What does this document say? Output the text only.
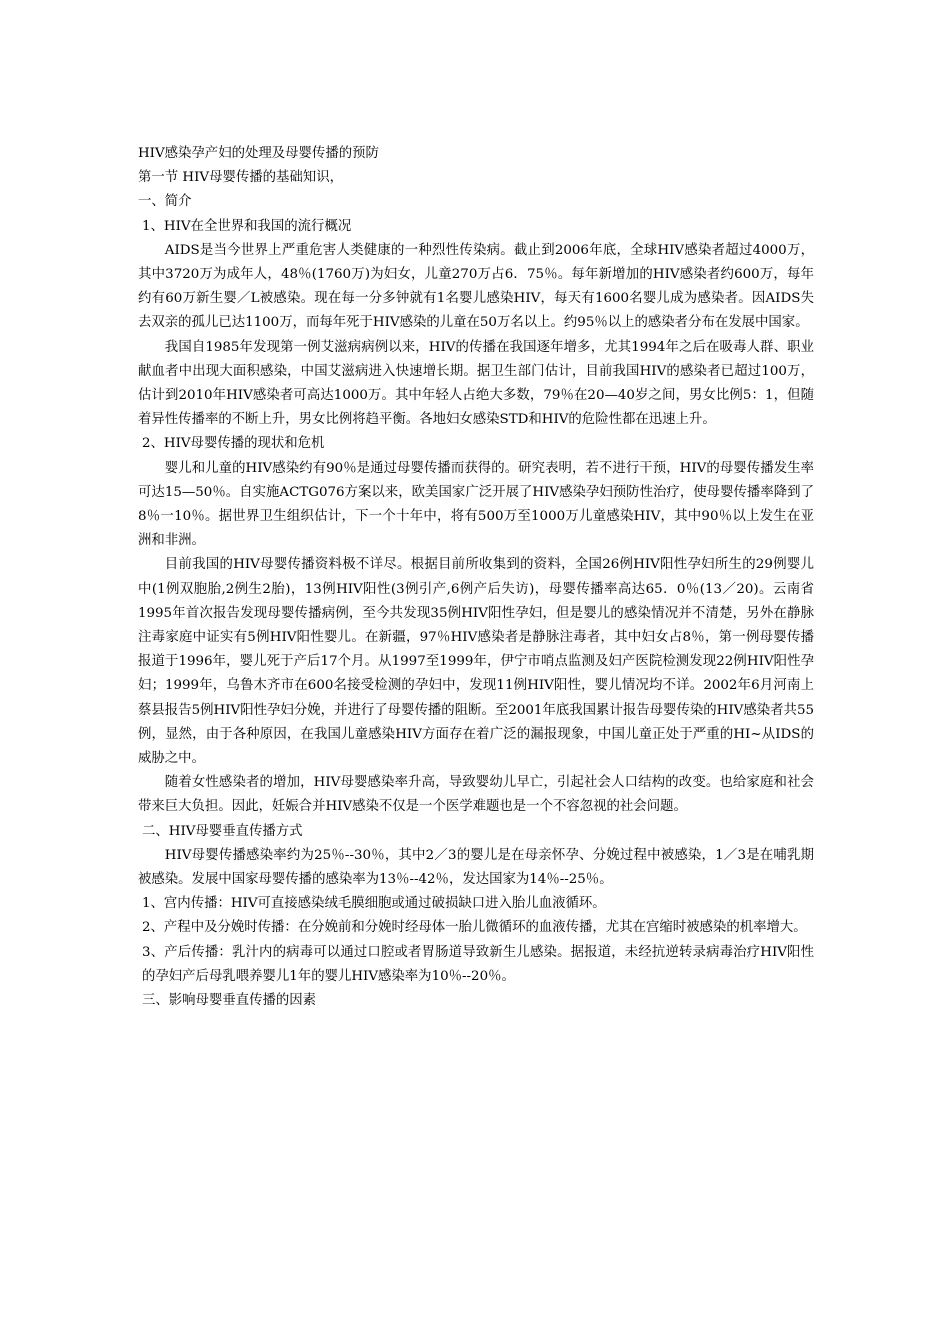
HIV感染孕产妇的处理及母婴传播的预防

第一节 HIV母婴传播的基础知识，

一、简介

1、HIV在全世界和我国的流行概况

AIDS是当今世界上严重危害人类健康的一种烈性传染病。截止到2006年底，全球HIV感染者超过4000万，其中3720万为成年人，48％(1760万)为妇女，儿童270万占6．75％。每年新增加的HIV感染者约600万，每年约有60万新生婴／L被感染。现在每一分多钟就有1名婴儿感染HIV，每天有1600名婴儿成为感染者。因AIDS失去双亲的孤儿已达1100万，而每年死于HIV感染的儿童在50万名以上。约95％以上的感染者分布在发展中国家。

我国自1985年发现第一例艾滋病病例以来，HIV的传播在我国逐年增多，尤其1994年之后在吸毒人群、职业献血者中出现大面积感染，中国艾滋病进入快速增长期。据卫生部门估计，目前我国HIV的感染者已超过100万，估计到2010年HIV感染者可高达1000万。其中年轻人占绝大多数，79％在20—40岁之间，男女比例5：1，但随着异性传播率的不断上升，男女比例将趋平衡。各地妇女感染STD和HIV的危险性都在迅速上升。

2、HIV母婴传播的现状和危机

婴儿和儿童的HIV感染约有90％是通过母婴传播而获得的。研究表明，若不进行干预，HIV的母婴传播发生率可达15—50％。自实施ACTG076方案以来，欧美国家广泛开展了HIV感染孕妇预防性治疗，使母婴传播率降到了8％一10％。据世界卫生组织估计，下一个十年中，将有500万至1000万儿童感染HIV，其中90％以上发生在亚洲和非洲。

目前我国的HIV母婴传播资料极不详尽。根据目前所收集到的资料，全国26例HIV阳性孕妇所生的29例婴儿中(1例双胞胎,2例生2胎)，13例HIV阳性(3例引产,6例产后失访)，母婴传播率高达65．0％(13／20)。云南省1995年首次报告发现母婴传播病例，至今共发现35例HIV阳性孕妇，但是婴儿的感染情况并不清楚，另外在静脉注毒家庭中证实有5例HIV阳性婴儿。在新疆，97％HIV感染者是静脉注毒者，其中妇女占8％，第一例母婴传播报道于1996年，婴儿死于产后17个月。从1997至1999年，伊宁市哨点监测及妇产医院检测发现22例HIV阳性孕妇；1999年，乌鲁木齐市在600名接受检测的孕妇中，发现11例HIV阳性，婴儿情况均不详。2002年6月河南上蔡县报告5例HIV阳性孕妇分娩，并进行了母婴传播的阻断。至2001年底我国累计报告母婴传染的HIV感染者共55例，显然，由于各种原因，在我国儿童感染HIV方面存在着广泛的漏报现象，中国儿童正处于严重的HI~从IDS的威胁之中。

随着女性感染者的增加，HIV母婴感染率升高，导致婴幼儿早亡，引起社会人口结构的改变。也给家庭和社会带来巨大负担。因此，妊娠合并HIV感染不仅是一个医学难题也是一个不容忽视的社会问题。

二、HIV母婴垂直传播方式

HIV母婴传播感染率约为25％--30％，其中2／3的婴儿是在母亲怀孕、分娩过程中被感染，1／3是在哺乳期被感染。发展中国家母婴传播的感染率为13％--42％，发达国家为14％--25％。

1、宫内传播：HIV可直接感染绒毛膜细胞或通过破损缺口进入胎儿血液循环。

2、产程中及分娩时传播：在分娩前和分娩时经母体一胎儿微循环的血液传播，尤其在宫缩时被感染的机率增大。

3、产后传播：乳汁内的病毒可以通过口腔或者胃肠道导致新生儿感染。据报道，未经抗逆转录病毒治疗HIV阳性的孕妇产后母乳喂养婴儿1年的婴儿HIV感染率为10％--20％。

三、影响母婴垂直传播的因素
